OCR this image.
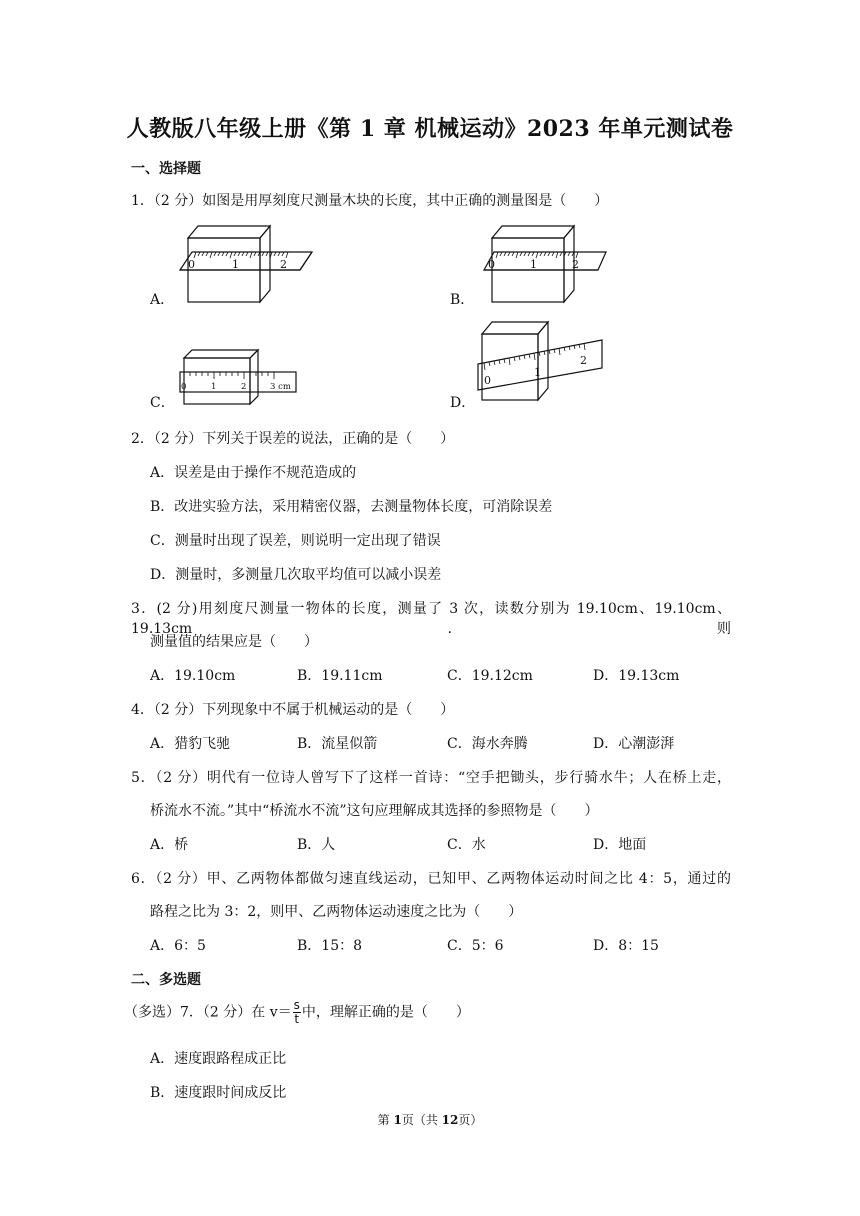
人教版八年级上册《第 1 章 机械运动》2023 年单元测试卷
一、选择题
1．（2 分）如图是用厚刻度尺测量木块的长度，其中正确的测量图是（　　）
0	1	2
A．
0	1	2
B．
0	1	2	3 cm
C．
0
1
2
D．
2．（2 分）下列关于误差的说法，正确的是（　　）
A．误差是由于操作不规范造成的
B．改进实验方法，采用精密仪器，去测量物体长度，可消除误差
C．测量时出现了误差，则说明一定出现了错误
D．测量时，多测量几次取平均值可以减小误差
3．(2 分)用刻度尺测量一物体的长度，测量了 3 次，读数分别为 19.10cm、19.10cm、19.13cm．则
测量值的结果应是（　　）
A．19.10cm	B．19.11cm	C．19.12cm	D．19.13cm
4．（2 分）下列现象中不属于机械运动的是（　　）
A．猎豹飞驰	B．流星似箭	C．海水奔腾	D．心潮澎湃
5．（2 分）明代有一位诗人曾写下了这样一首诗：“空手把锄头，步行骑水牛；人在桥上走，
桥流水不流。”其中“桥流水不流”这句应理解成其选择的参照物是（　　）
A．桥	B．人	C．水	D．地面
6．（2 分）甲、乙两物体都做匀速直线运动，已知甲、乙两物体运动时间之比 4：5，通过的
路程之比为 3：2，则甲、乙两物体运动速度之比为（　　）
A．6：5	B．15：8	C．5：6	D．8：15
二、多选题
（多选）7．（2 分）在 $v= \frac{s}{t}$ 中，理解正确的是（　　）
A．速度跟路程成正比
B．速度跟时间成反比
第 1页（共 12页）
